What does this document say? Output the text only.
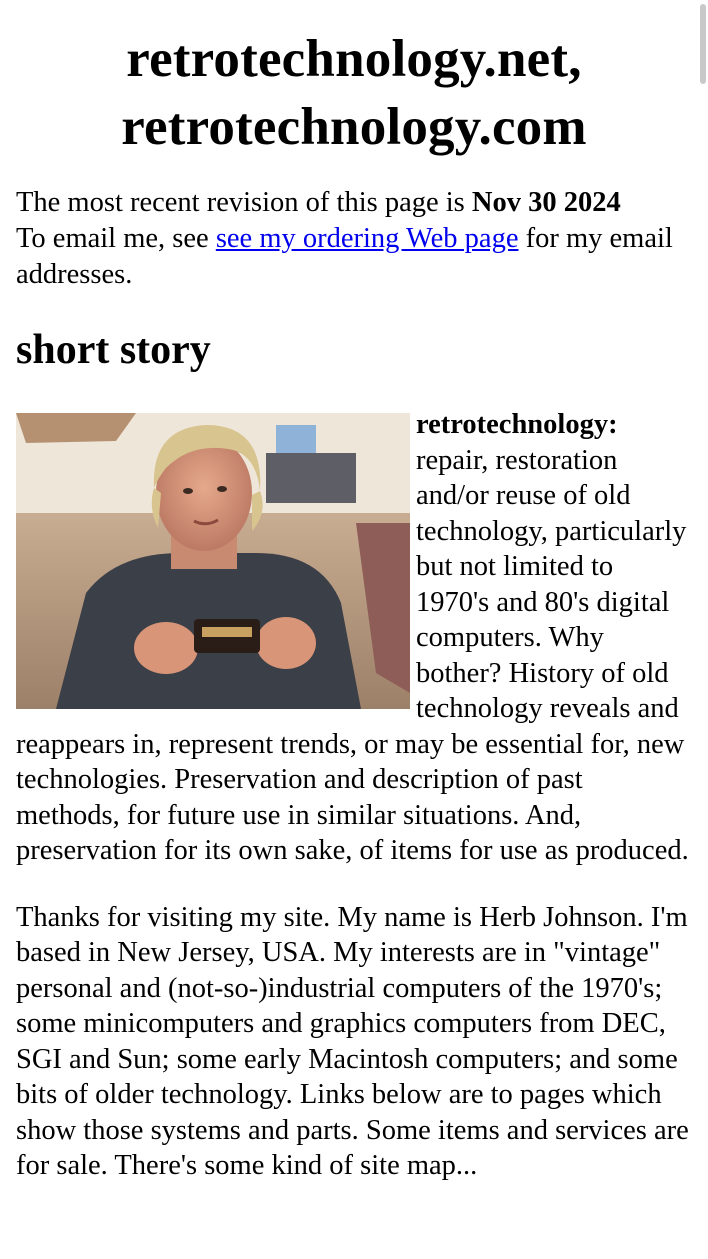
retrotechnology.net,
retrotechnology.com

The most recent revision of this page is Nov 30 2024
To email me, see see my ordering Web page for my email addresses.

short story
retrotechnology: repair, restoration and/or reuse of old technology, particularly but not limited to 1970's and 80's digital computers. Why bother? History of old technology reveals and reappears in, represent trends, or may be essential for, new technologies. Preservation and description of past methods, for future use in similar situations. And, preservation for its own sake, of items for use as produced.

Thanks for visiting my site. My name is Herb Johnson. I'm based in New Jersey, USA. My interests are in "vintage" personal and (not-so-)industrial computers of the 1970's; some minicomputers and graphics computers from DEC, SGI and Sun; some early Macintosh computers; and some bits of older technology. Links below are to pages which show those systems and parts. Some items and services are for sale. There's some kind of site map...
